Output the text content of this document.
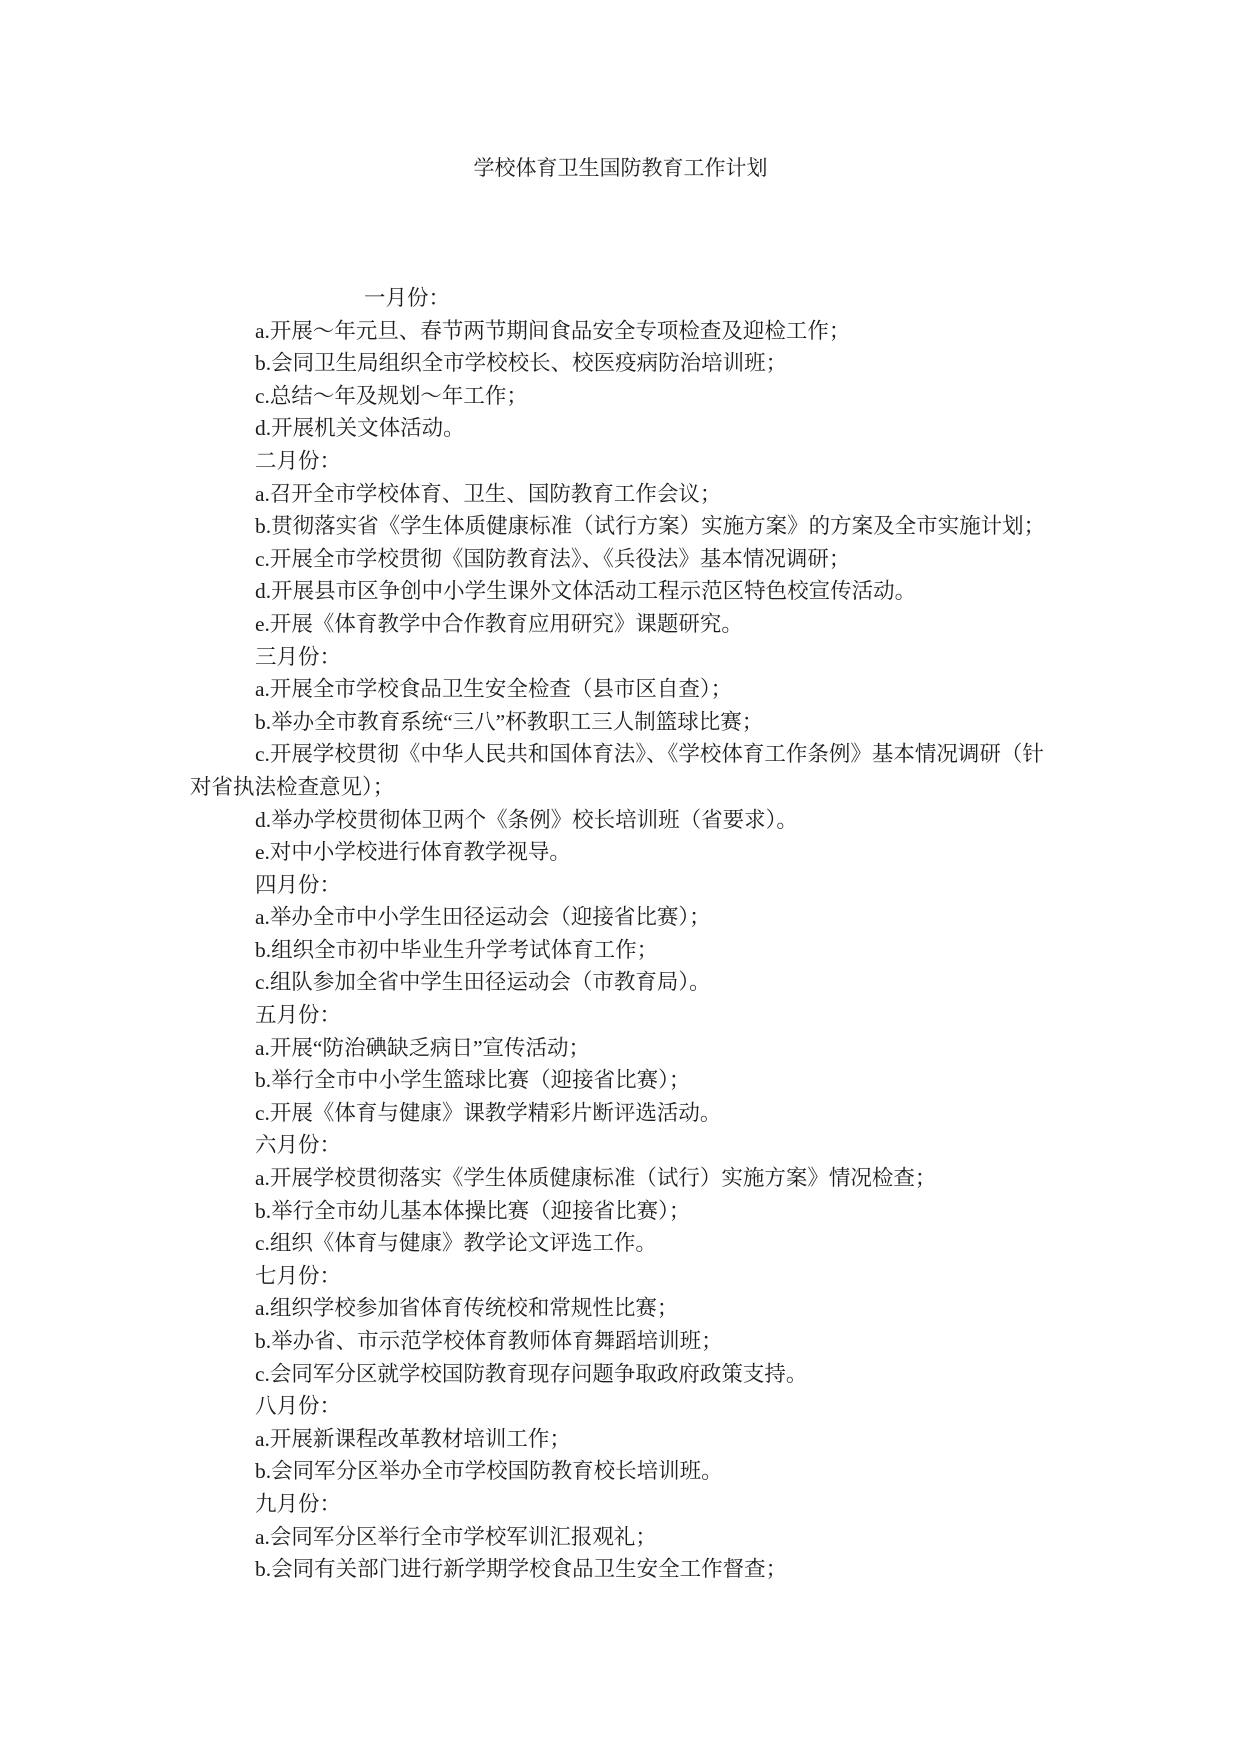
学校体育卫生国防教育工作计划
一月份：
a.开展～年元旦、春节两节期间食品安全专项检查及迎检工作；
b.会同卫生局组织全市学校校长、校医疫病防治培训班；
c.总结～年及规划～年工作；
d.开展机关文体活动。
二月份：
a.召开全市学校体育、卫生、国防教育工作会议；
b.贯彻落实省《学生体质健康标准（试行方案）实施方案》的方案及全市实施计划；
c.开展全市学校贯彻《国防教育法》、《兵役法》基本情况调研；
d.开展县市区争创中小学生课外文体活动工程示范区特色校宣传活动。
e.开展《体育教学中合作教育应用研究》课题研究。
三月份：
a.开展全市学校食品卫生安全检查（县市区自查）；
b.举办全市教育系统“三八”杯教职工三人制篮球比赛；
c.开展学校贯彻《中华人民共和国体育法》、《学校体育工作条例》基本情况调研（针
对省执法检查意见）；
d.举办学校贯彻体卫两个《条例》校长培训班（省要求）。
e.对中小学校进行体育教学视导。
四月份：
a.举办全市中小学生田径运动会（迎接省比赛）；
b.组织全市初中毕业生升学考试体育工作；
c.组队参加全省中学生田径运动会（市教育局）。
五月份：
a.开展“防治碘缺乏病日”宣传活动；
b.举行全市中小学生篮球比赛（迎接省比赛）；
c.开展《体育与健康》课教学精彩片断评选活动。
六月份：
a.开展学校贯彻落实《学生体质健康标准（试行）实施方案》情况检查；
b.举行全市幼儿基本体操比赛（迎接省比赛）；
c.组织《体育与健康》教学论文评选工作。
七月份：
a.组织学校参加省体育传统校和常规性比赛；
b.举办省、市示范学校体育教师体育舞蹈培训班；
c.会同军分区就学校国防教育现存问题争取政府政策支持。
八月份：
a.开展新课程改革教材培训工作；
b.会同军分区举办全市学校国防教育校长培训班。
九月份：
a.会同军分区举行全市学校军训汇报观礼；
b.会同有关部门进行新学期学校食品卫生安全工作督查；
